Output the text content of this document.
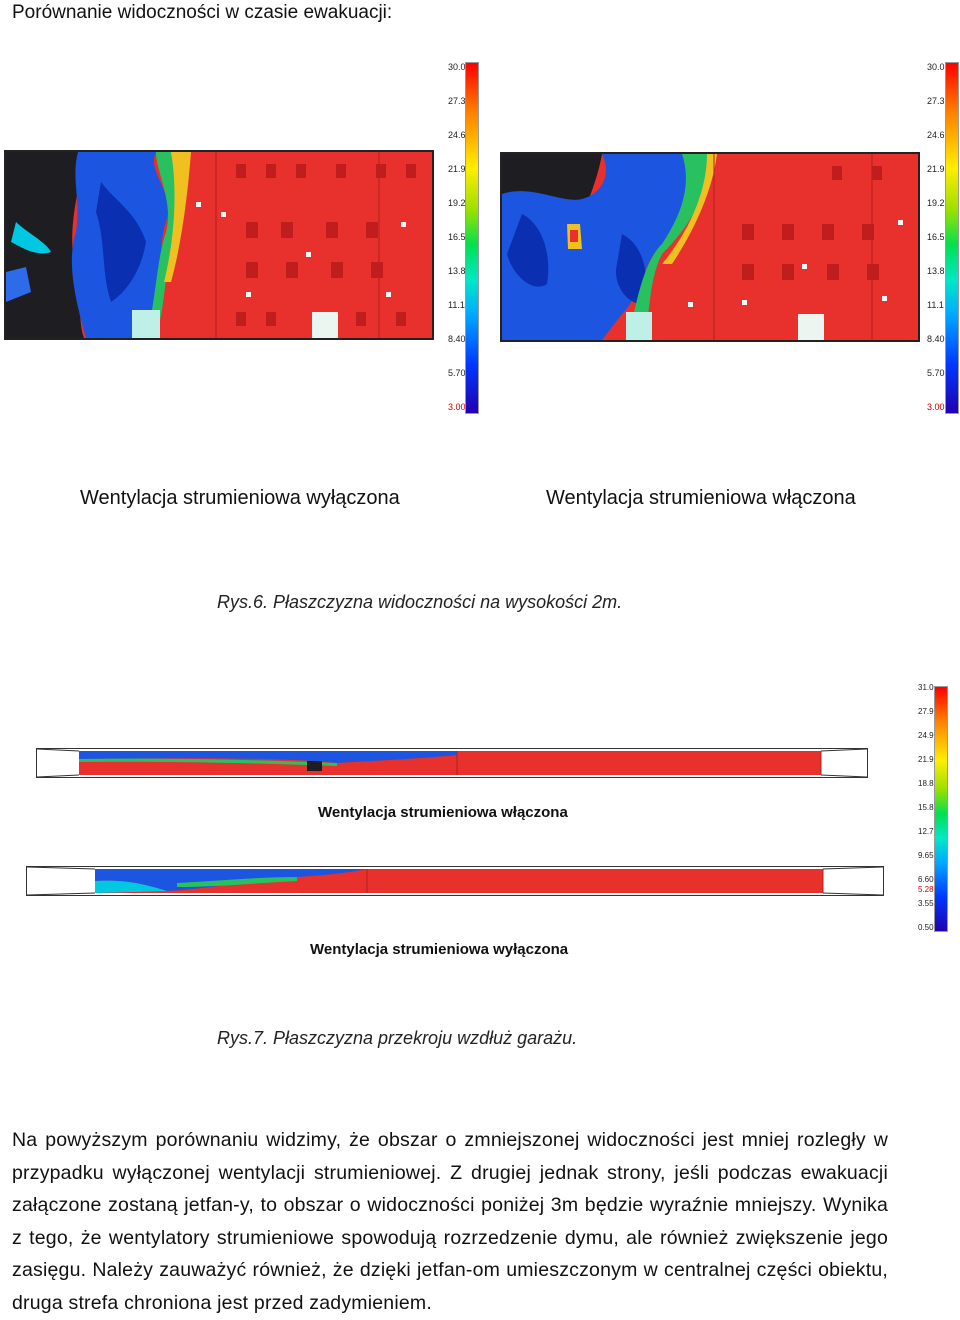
Porównanie widoczności w czasie ewakuacji:
30.0
27.3
24.6
21.9
19.2
16.5
13.8
11.1
8.40
5.70
3.00
30.0
27.3
24.6
21.9
19.2
16.5
13.8
11.1
8.40
5.70
3.00
Wentylacja strumieniowa wyłączona	Wentylacja strumieniowa włączona
Rys.6. Płaszczyzna widoczności na wysokości 2m.
Wentylacja strumieniowa włączona
Wentylacja strumieniowa wyłączona
31.0
27.9
24.9
21.9
18.8
15.8
12.7
9.65
6.60
5.28
3.55
0.50
Rys.7. Płaszczyzna przekroju wzdłuż garażu.
Na powyższym porównaniu widzimy, że obszar o zmniejszonej widoczności jest mniej rozległy w przypadku wyłączonej wentylacji strumieniowej. Z drugiej jednak strony, jeśli podczas ewakuacji załączone zostaną jetfan-y, to obszar o widoczności poniżej 3m będzie wyraźnie mniejszy. Wynika z tego, że wentylatory strumieniowe spowodują rozrzedzenie dymu, ale również zwiększenie jego zasięgu. Należy zauważyć również, że dzięki jetfan-om umieszczonym w centralnej części obiektu, druga strefa chroniona jest przed zadymieniem.
